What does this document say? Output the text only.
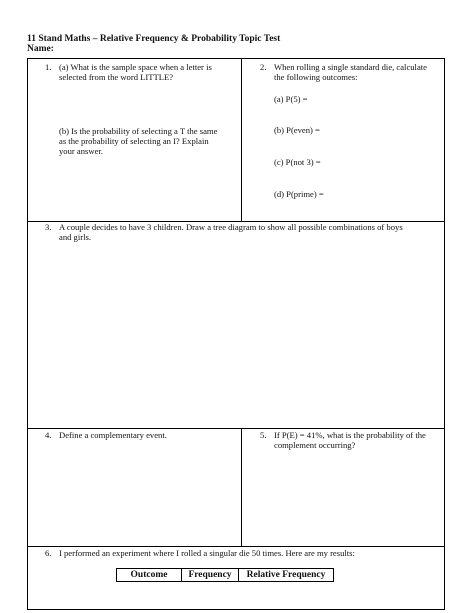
11 Stand Maths – Relative Frequency & Probability Topic Test
Name:
1. (a) What is the sample space when a letter is
selected from the word LITTLE?
(b) Is the probability of selecting a T the same
as the probability of selecting an I? Explain
your answer.
2. When rolling a single standard die, calculate
the following outcomes:
(a) P(5) =
(b) P(even) =
(c) P(not 3) =
(d) P(prime) =
3. A couple decides to have 3 children. Draw a tree diagram to show all possible combinations of boys
and girls.
4. Define a complementary event.	5. If P(E) = 41%, what is the probability of the
complement occurring?
6. I performed an experiment where I rolled a singular die 50 times. Here are my results:
Outcome	Frequency	Relative Frequency
